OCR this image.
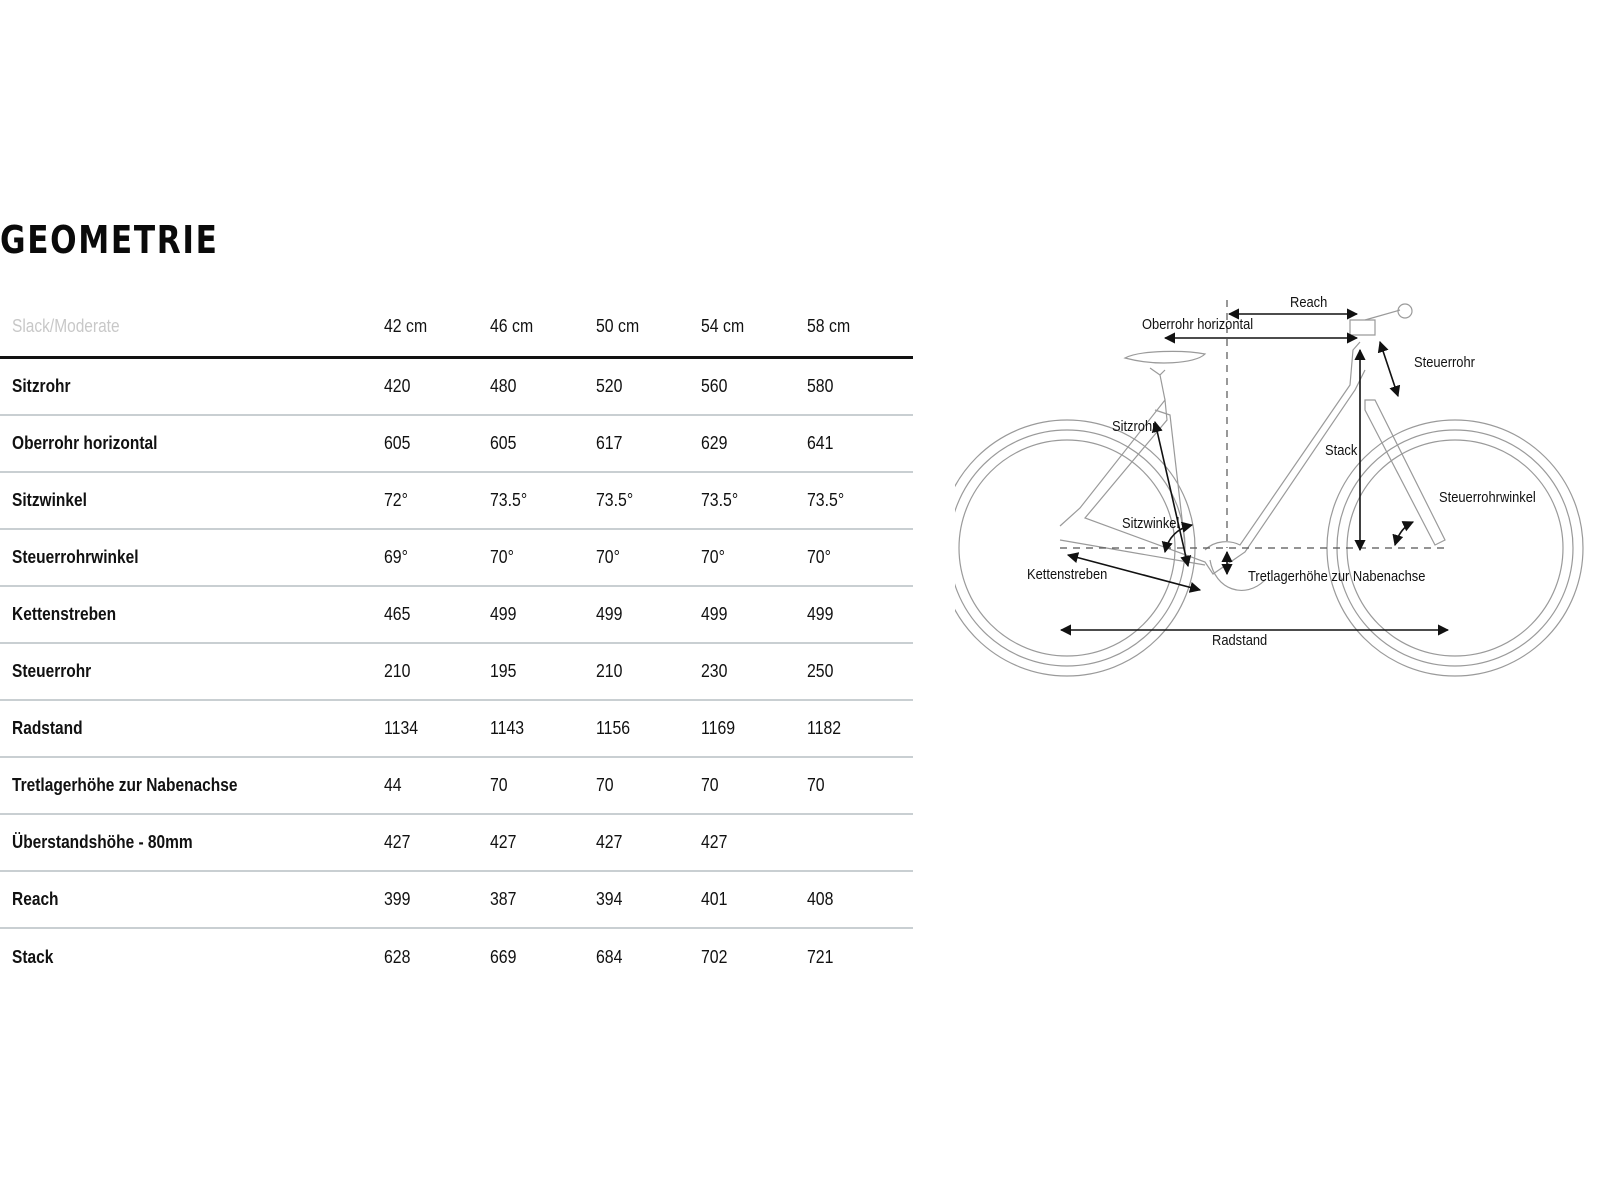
GEOMETRIE
Slack/Moderate	42 cm	46 cm	50 cm	54 cm	58 cm
Sitzrohr	420	480	520	560	580
Oberrohr horizontal	605	605	617	629	641
Sitzwinkel	72°	73.5°	73.5°	73.5°	73.5°
Steuerrohrwinkel	69°	70°	70°	70°	70°
Kettenstreben	465	499	499	499	499
Steuerrohr	210	195	210	230	250
Radstand	1134	1143	1156	1169	1182
Tretlagerhöhe zur Nabenachse	44	70	70	70	70
Überstandshöhe - 80mm	427	427	427	427
Reach	399	387	394	401	408
Stack	628	669	684	702	721
Reach
Oberrohr horizontal
Steuerrohr
Sitzrohr
Stack
Steuerrohrwinkel
Sitzwinkel
Kettenstreben	Tretlagerhöhe zur Nabenachse
Radstand
